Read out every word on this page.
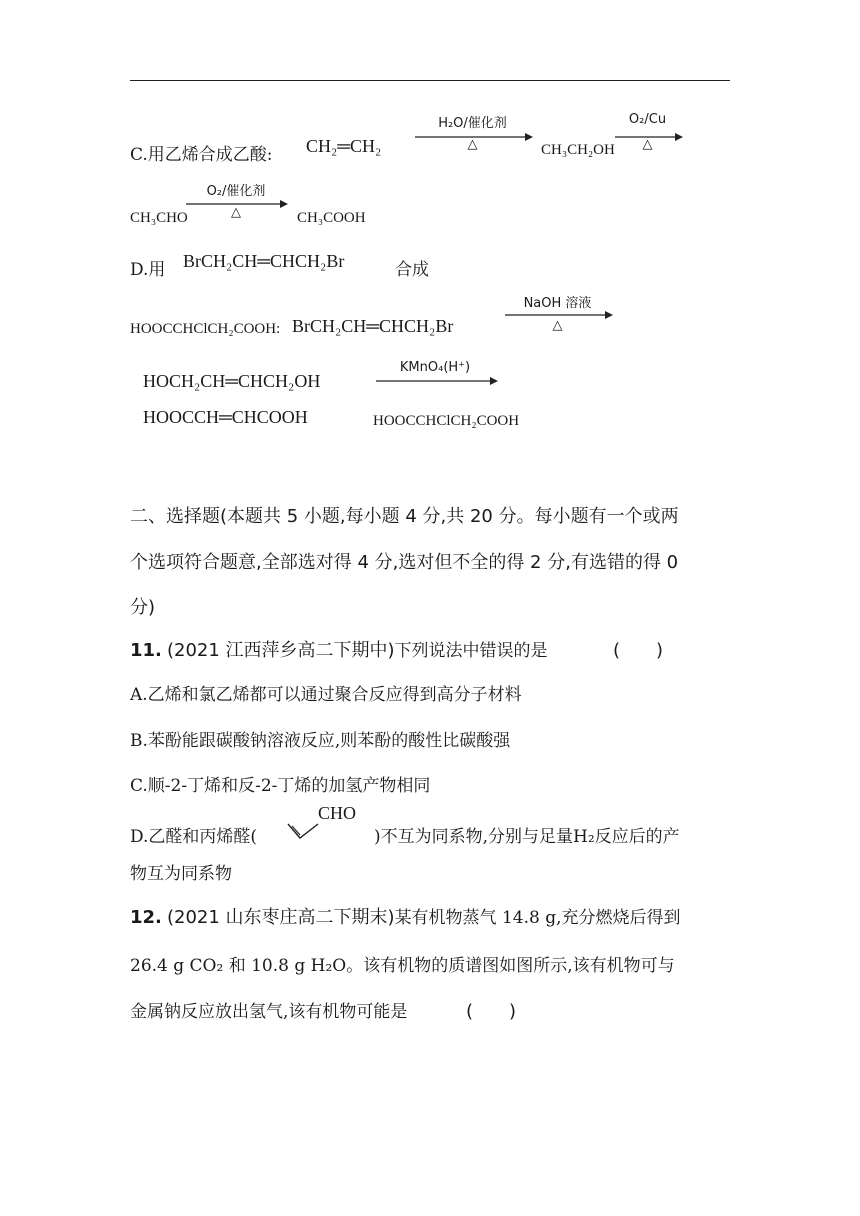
C.用乙烯合成乙酸: CH₂═CH₂
H₂O/催化剂
△	CH₃CH₂OH
O₂/Cu
△
CH₃CHO
O₂/催化剂
△	CH₃COOH
D.用 BrCH₂CH═CHCH₂Br	合成
HOOCCHClCH₂COOH: BrCH₂CH═CHCH₂Br
NaOH 溶液
△
HOCH₂CH═CHCH₂OH
KMnO₄(H⁺)
HOOCCH═CHCOOH	HOOCCHClCH₂COOH
二、选择题(本题共 5 小题,每小题 4 分,共 20 分。每小题有一个或两
个选项符合题意,全部选对得 4 分,选对但不全的得 2 分,有选错的得 0
分)
11. (2021 江西萍乡高二下期中)下列说法中错误的是	(　　)
A.乙烯和氯乙烯都可以通过聚合反应得到高分子材料
B.苯酚能跟碳酸钠溶液反应,则苯酚的酸性比碳酸强
C.顺-2-丁烯和反-2-丁烯的加氢产物相同
D.乙醛和丙烯醛(
CHO
)不互为同系物,分别与足量H₂反应后的产
物互为同系物
12. (2021 山东枣庄高二下期末)某有机物蒸气 14.8 g,充分燃烧后得到
26.4 g CO₂ 和 10.8 g H₂O。该有机物的质谱图如图所示,该有机物可与
金属钠反应放出氢气,该有机物可能是	(　　)
